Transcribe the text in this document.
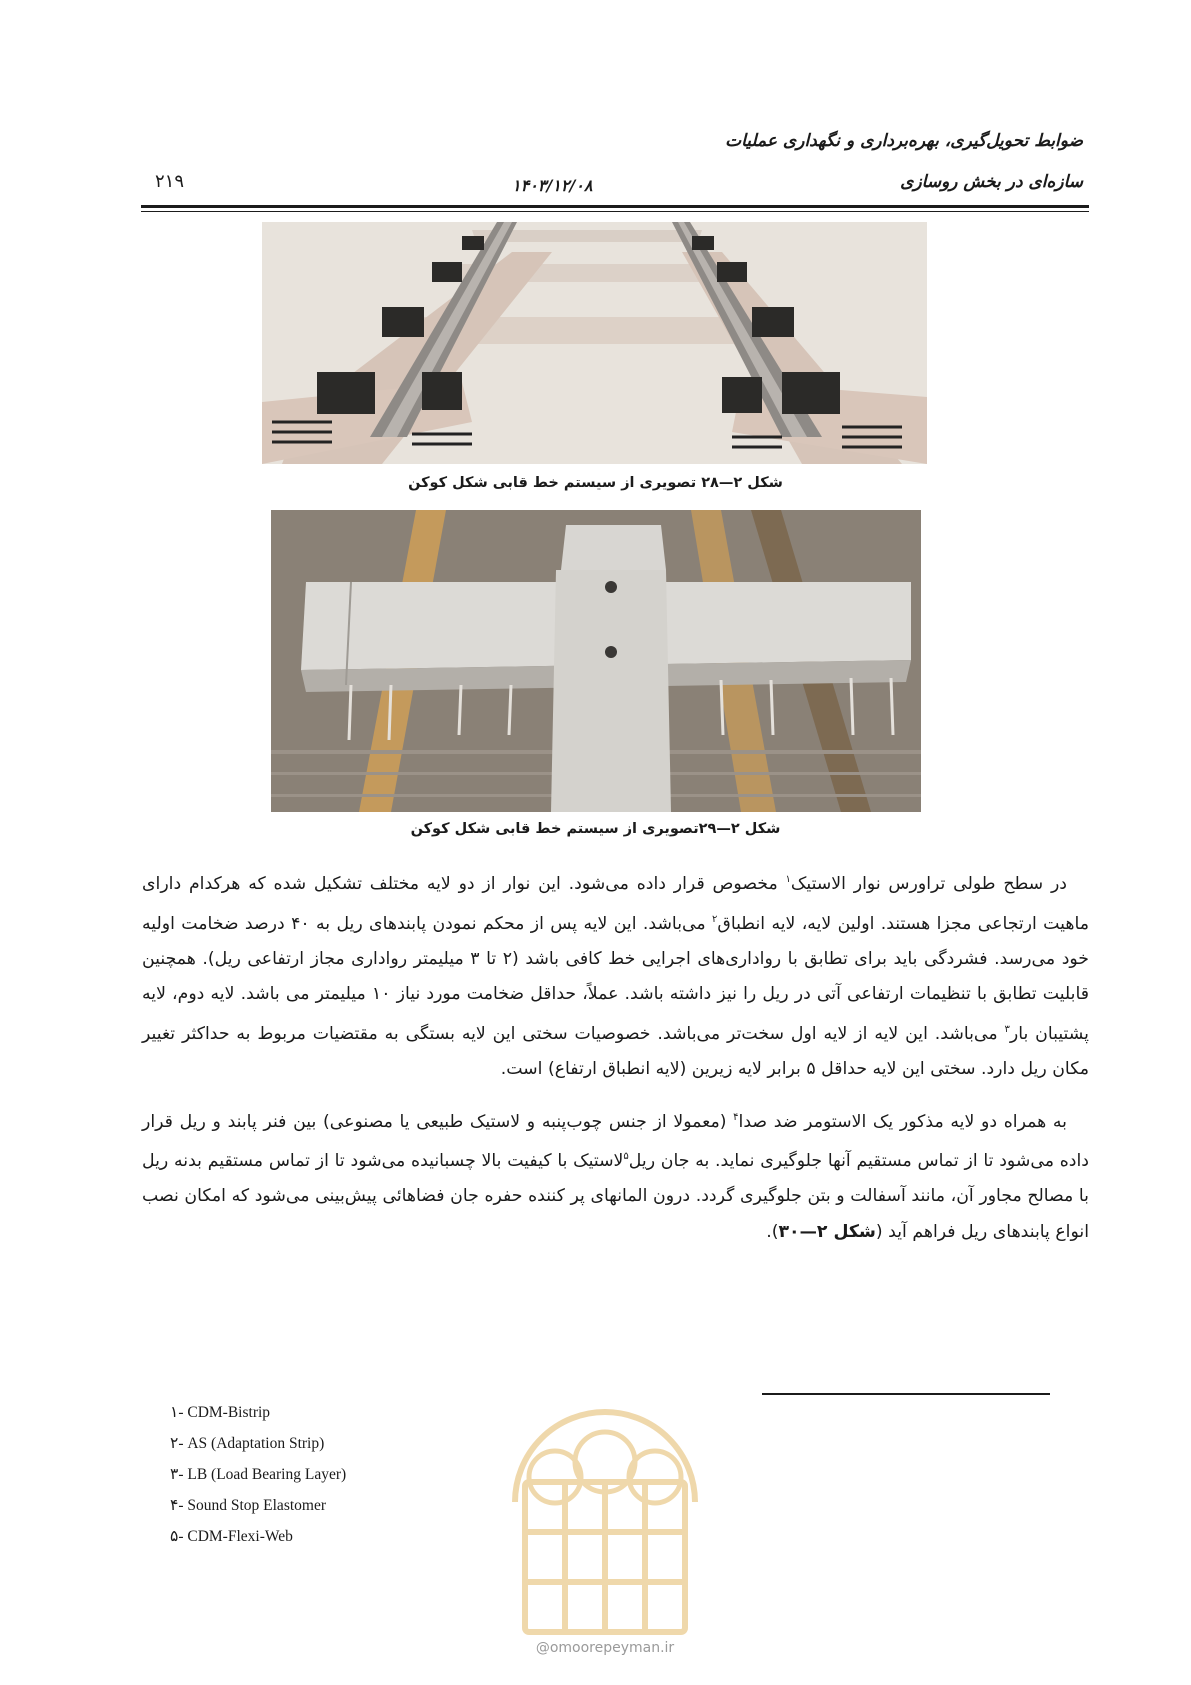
ضوابط تحویل‌گیری، بهره‌برداری و نگهداری عملیات
سازه‌ای در بخش روسازی
۱۴۰۳/۱۲/۰۸
۲۱۹
شکل ۲—۲۸ تصویری از سیستم خط قابی شکل کوکن
شکل ۲—۲۹تصویری از سیستم خط قابی شکل کوکن

در سطح طولی تراورس نوار الاستیک$^۱$ مخصوص قرار داده می‌شود. این نوار از دو لایه مختلف تشکیل شده که هرکدام دارای ماهیت ارتجاعی مجزا هستند. اولین لایه، لایه انطباق$^۲$ می‌باشد. این لایه پس از محکم نمودن پابندهای ریل به ۴۰ درصد ضخامت اولیه خود می‌رسد. فشردگی باید برای تطابق با رواداری‌های اجرایی خط کافی باشد (۲ تا ۳ میلیمتر رواداری مجاز ارتفاعی ریل). همچنین قابلیت تطابق با تنظیمات ارتفاعی آتی در ریل را نیز داشته باشد. عملاً، حداقل ضخامت مورد نیاز ۱۰ میلیمتر می باشد. لایه دوم، لایه پشتیبان بار$^۳$ می‌باشد. این لایه از لایه اول سخت‌تر می‌باشد. خصوصیات سختی این لایه بستگی به مقتضیات مربوط به حداکثر تغییر مکان ریل دارد. سختی این لایه حداقل ۵ برابر لایه زیرین (لایه انطباق ارتفاع) است.

به همراه دو لایه مذکور یک الاستومر ضد صدا$^۴$ (معمولا از جنس چوب‌پنبه و لاستیک طبیعی یا مصنوعی) بین فنر پابند و ریل قرار داده می‌شود تا از تماس مستقیم آنها جلوگیری نماید. به جان ریل$^۵$لاستیک با کیفیت بالا چسبانیده می‌شود تا از تماس مستقیم بدنه ریل با مصالح مجاور آن، مانند آسفالت و بتن جلوگیری گردد. درون المانهای پر کننده حفره جان فضاهائی پیش‌بینی می‌شود که امکان نصب انواع پابندهای ریل فراهم آید (شکل ۲—۳۰).

۱- CDM-Bistrip
۲- AS (Adaptation Strip)
۳- LB (Load Bearing Layer)
۴- Sound Stop Elastomer
۵- CDM-Flexi-Web
@omoorepeyman.ir
